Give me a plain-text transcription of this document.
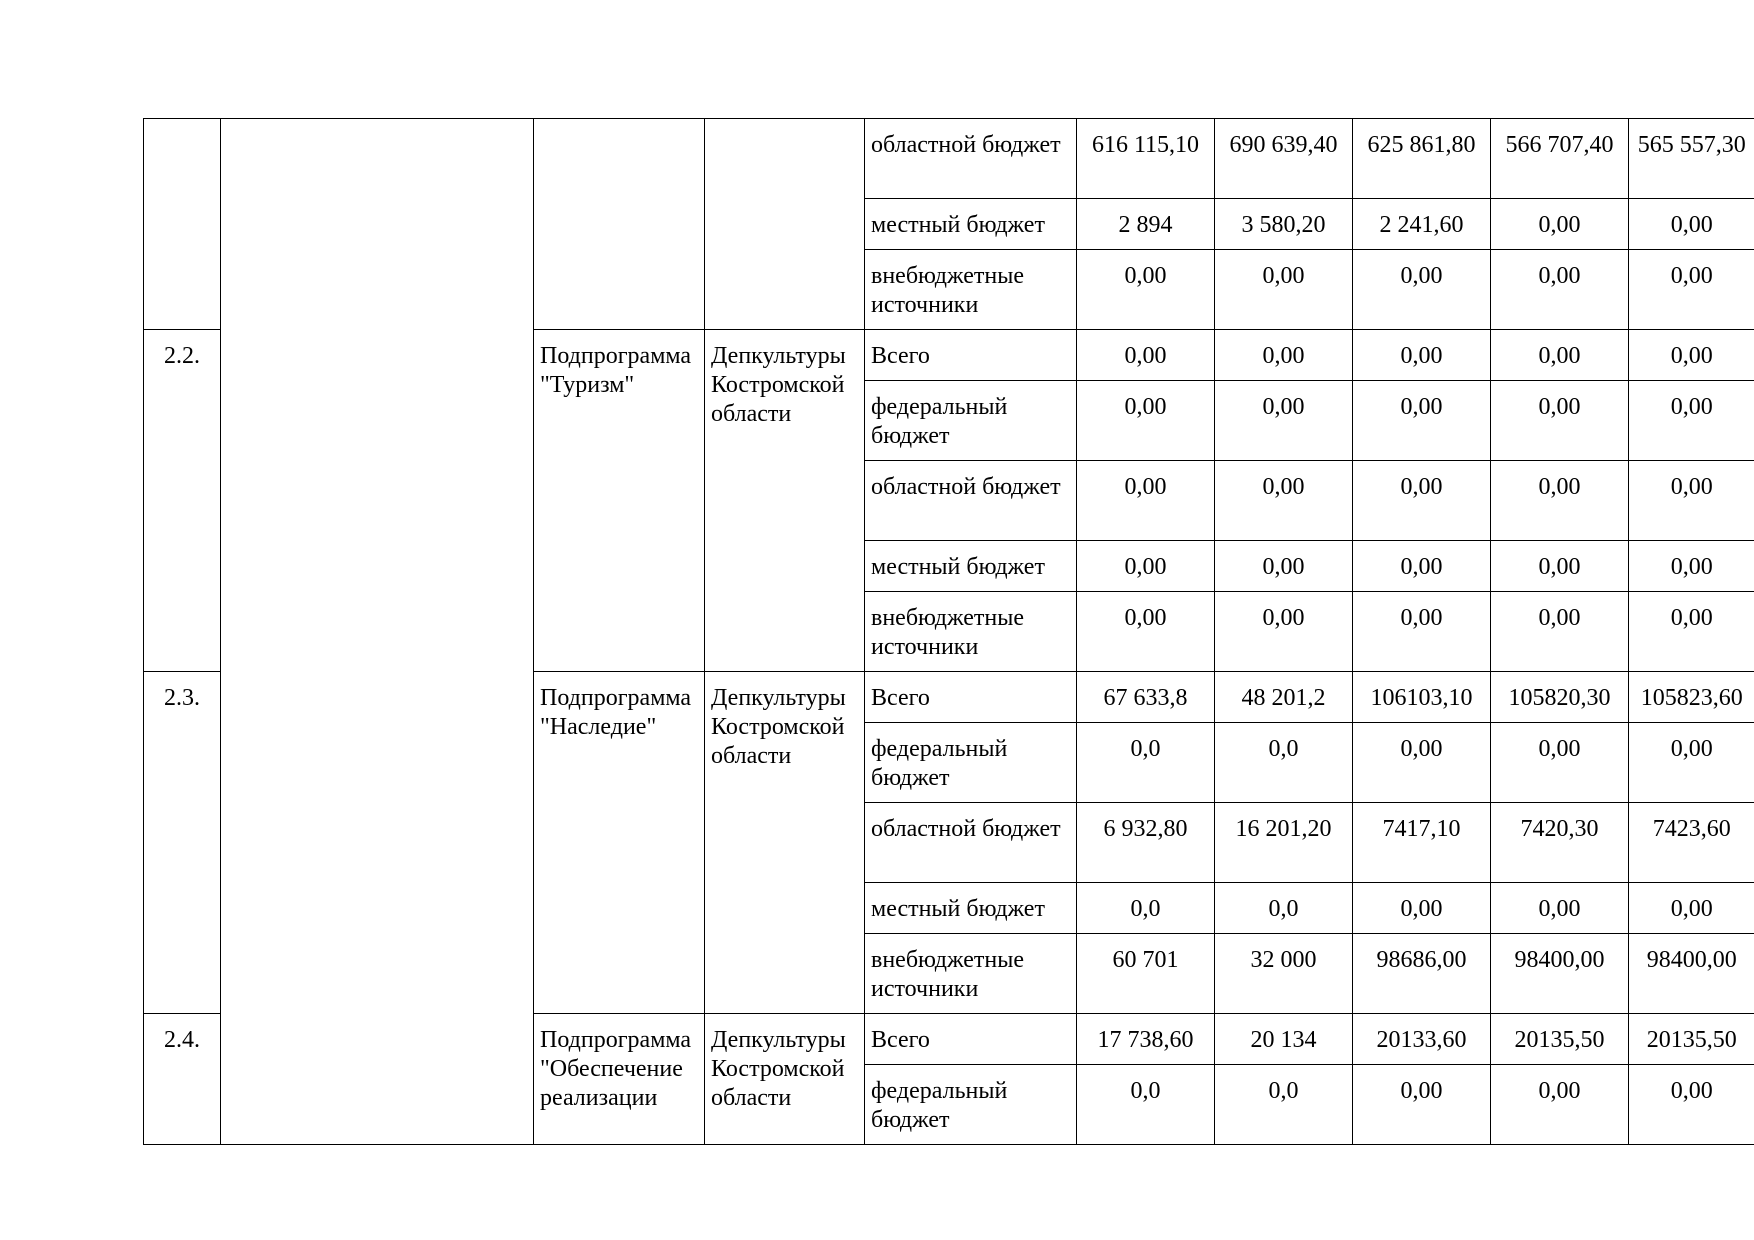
				областной бюджет	616 115,10	690 639,40	625 861,80	566 707,40	565 557,30
				местный бюджет	2 894	3 580,20	2 241,60	0,00	0,00
				внебюджетные источники	0,00	0,00	0,00	0,00	0,00
2.2.		Подпрограмма "Туризм"	Депкультуры Костромской области	Всего	0,00	0,00	0,00	0,00	0,00
				федеральный бюджет	0,00	0,00	0,00	0,00	0,00
				областной бюджет	0,00	0,00	0,00	0,00	0,00
				местный бюджет	0,00	0,00	0,00	0,00	0,00
				внебюджетные источники	0,00	0,00	0,00	0,00	0,00
2.3.		Подпрограмма "Наследие"	Депкультуры Костромской области	Всего	67 633,8	48 201,2	106103,10	105820,30	105823,60
				федеральный бюджет	0,0	0,0	0,00	0,00	0,00
				областной бюджет	6 932,80	16 201,20	7417,10	7420,30	7423,60
				местный бюджет	0,0	0,0	0,00	0,00	0,00
				внебюджетные источники	60 701	32 000	98686,00	98400,00	98400,00
2.4.		Подпрограмма "Обеспечение реализации	Депкультуры Костромской области	Всего	17 738,60	20 134	20133,60	20135,50	20135,50
				федеральный бюджет	0,0	0,0	0,00	0,00	0,00
